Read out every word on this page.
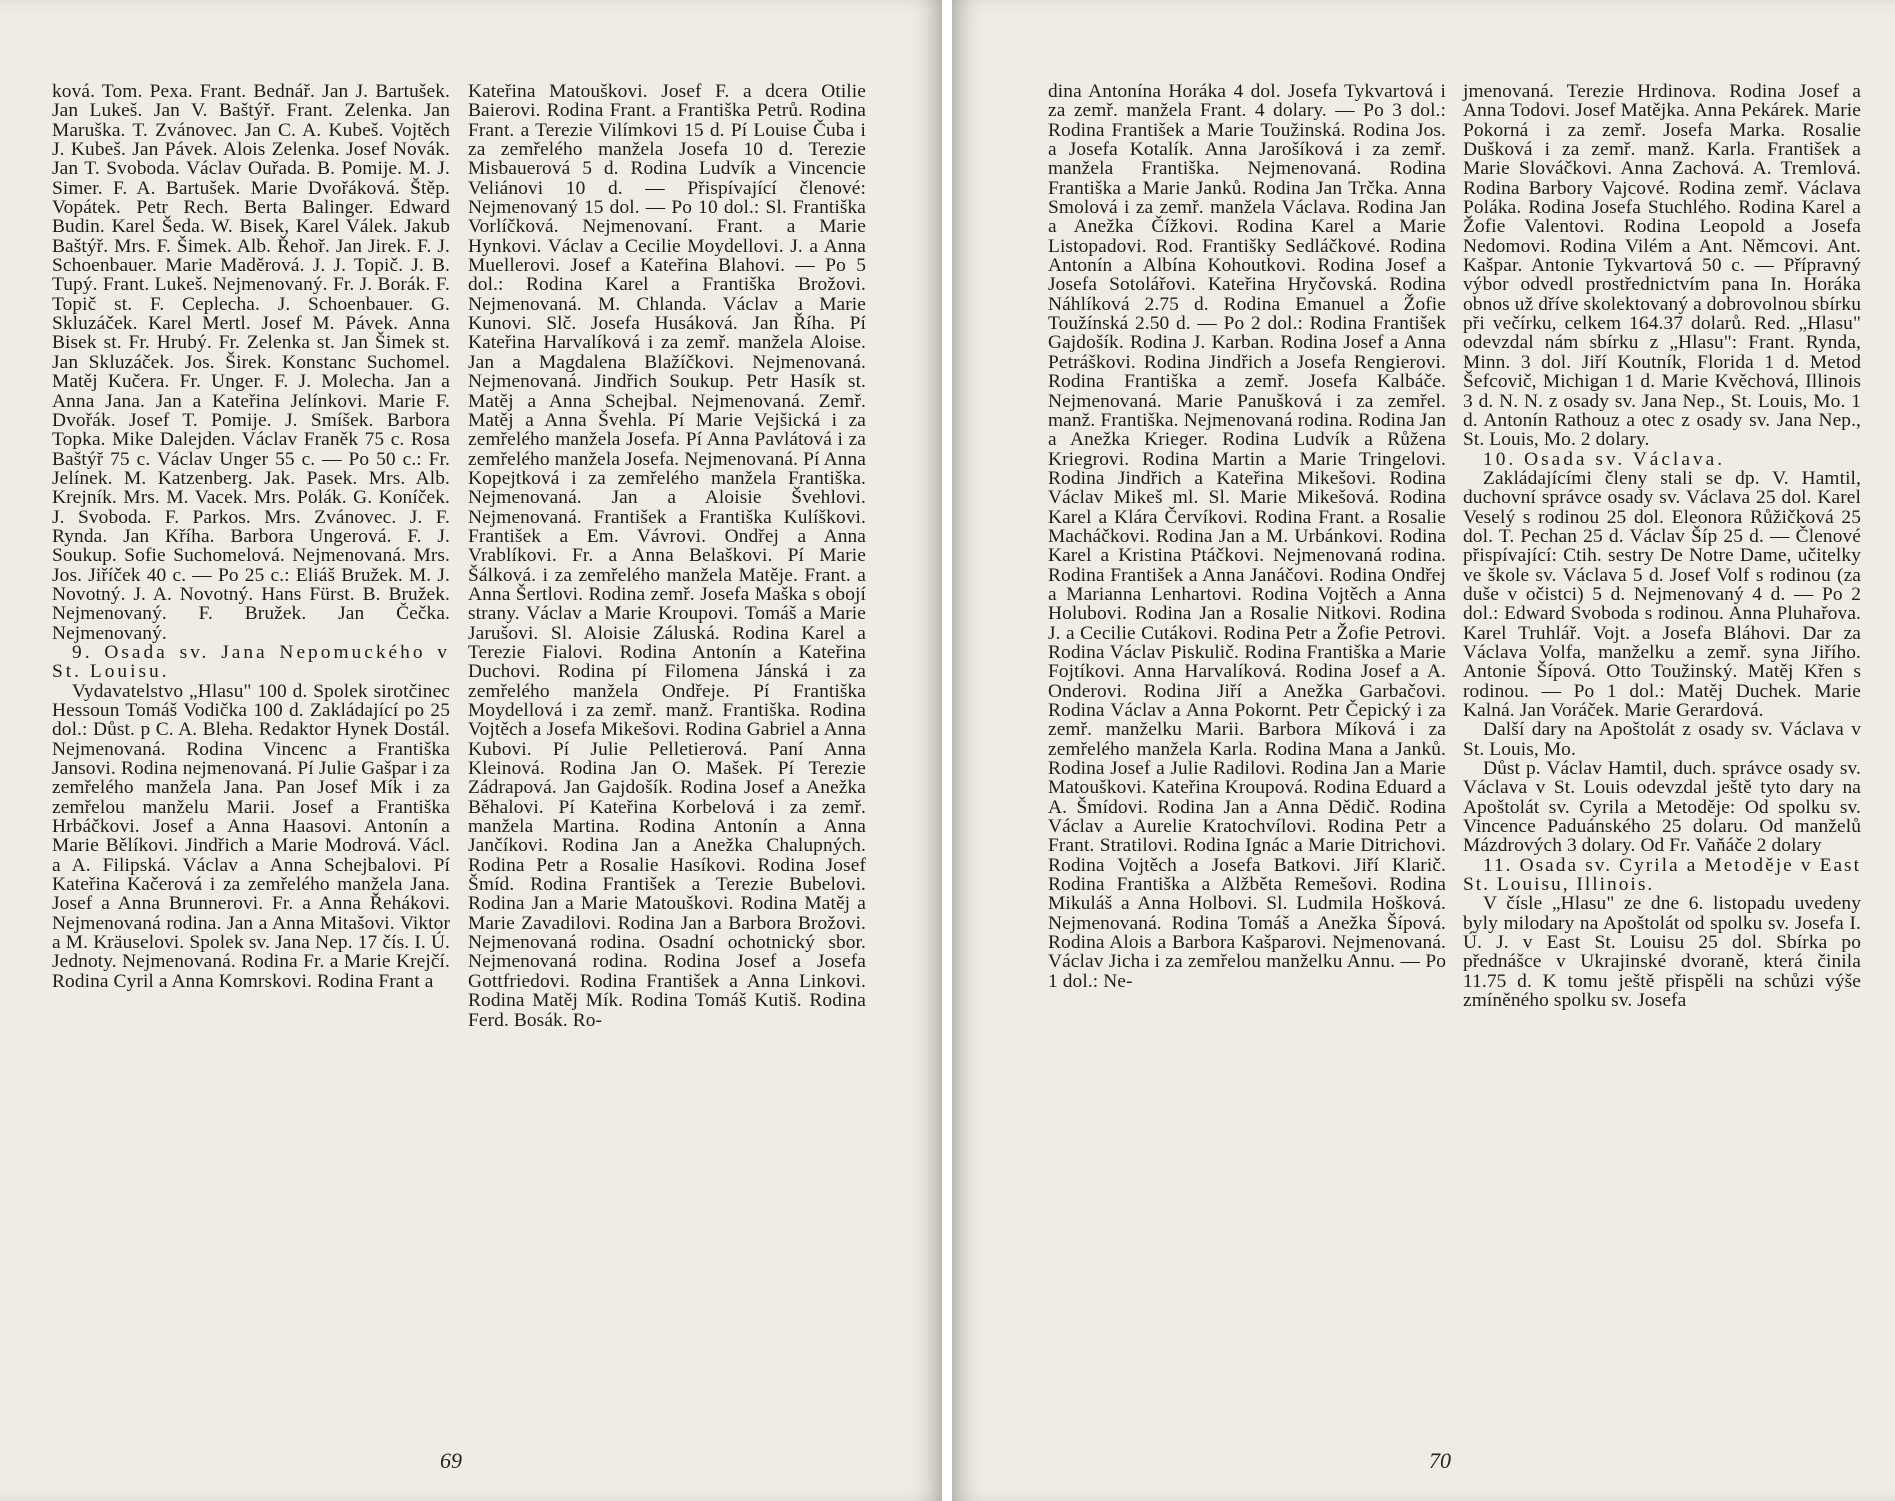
ková. Tom. Pexa. Frant. Bednář. Jan J. Bartušek. Jan Lukeš. Jan V. Baštýř. Frant. Zelenka. Jan Maruška. T. Zvánovec. Jan C. A. Kubeš. Vojtěch J. Kubeš. Jan Pávek. Alois Zelenka. Josef Novák. Jan T. Svoboda. Václav Ouřada. B. Pomije. M. J. Simer. F. A. Bartušek. Marie Dvořáková. Štěp. Vopátek. Petr Rech. Berta Balinger. Edward Budin. Karel Šeda. W. Bisek, Karel Válek. Jakub Baštýř. Mrs. F. Šimek. Alb. Řehoř. Jan Jirek. F. J. Schoenbauer. Marie Maděrová. J. J. Topič. J. B. Tupý. Frant. Lukeš. Nejmenovaný. Fr. J. Borák. F. Topič st. F. Ceplecha. J. Schoenbauer. G. Skluzáček. Karel Mertl. Josef M. Pávek. Anna Bisek st. Fr. Hrubý. Fr. Zelenka st. Jan Šimek st. Jan Skluzáček. Jos. Širek. Konstanc Suchomel. Matěj Kučera. Fr. Unger. F. J. Molecha. Jan a Anna Jana. Jan a Kateřina Jelínkovi. Marie F. Dvořák. Josef T. Pomije. J. Smíšek. Barbora Topka. Mike Dalejden. Václav Franěk 75 c. Rosa Baštýř 75 c. Václav Unger 55 c. — Po 50 c.: Fr. Jelínek. M. Katzenberg. Jak. Pasek. Mrs. Alb. Krejník. Mrs. M. Vacek. Mrs. Polák. G. Koníček. J. Svoboda. F. Parkos. Mrs. Zvánovec. J. F. Rynda. Jan Kříha. Barbora Ungerová. F. J. Soukup. Sofie Suchomelová. Nejmenovaná. Mrs. Jos. Jiříček 40 c. — Po 25 c.: Eliáš Bružek. M. J. Novotný. J. A. Novotný. Hans Fürst. B. Bružek. Nejmenovaný. F. Bružek. Jan Čečka. Nejmenovaný.

9. Osada sv. Jana Nepomuckého v St. Louisu.

Vydavatelstvo „Hlasu" 100 d. Spolek sirotčinec Hessoun Tomáš Vodička 100 d. Zakládající po 25 dol.: Důst. p C. A. Bleha. Redaktor Hynek Dostál. Nejmenovaná. Rodina Vincenc a Františka Jansovi. Rodina nejmenovaná. Pí Julie Gašpar i za zemřelého manžela Jana. Pan Josef Mík i za zemřelou manželu Marii. Josef a Františka Hrbáčkovi. Josef a Anna Haasovi. Antonín a Marie Bělíkovi. Jindřich a Marie Modrová. Václ. a A. Filipská. Václav a Anna Schejbalovi. Pí Kateřina Kačerová i za zemřelého manžela Jana. Josef a Anna Brunnerovi. Fr. a Anna Řehákovi. Nejmenovaná rodina. Jan a Anna Mitašovi. Viktor a M. Kräuselovi. Spolek sv. Jana Nep. 17 čís. I. Ú. Jednoty. Nejmenovaná. Rodina Fr. a Marie Krejčí. Rodina Cyril a Anna Komrskovi. Rodina Frant a

Kateřina Matouškovi. Josef F. a dcera Otilie Baierovi. Rodina Frant. a Františka Petrů. Rodina Frant. a Terezie Vilímkovi 15 d. Pí Louise Čuba i za zemřelého manžela Josefa 10 d. Terezie Misbauerová 5 d. Rodina Ludvík a Vincencie Veliánovi 10 d. — Přispívající členové: Nejmenovaný 15 dol. — Po 10 dol.: Sl. Františka Vorlíčková. Nejmenovaní. Frant. a Marie Hynkovi. Václav a Cecilie Moydellovi. J. a Anna Muellerovi. Josef a Kateřina Blahovi. — Po 5 dol.: Rodina Karel a Františka Brožovi. Nejmenovaná. M. Chlanda. Václav a Marie Kunovi. Slč. Josefa Husáková. Jan Říha. Pí Kateřina Harvalíková i za zemř. manžela Aloise. Jan a Magdalena Blažíčkovi. Nejmenovaná. Nejmenovaná. Jindřich Soukup. Petr Hasík st. Matěj a Anna Schejbal. Nejmenovaná. Zemř. Matěj a Anna Švehla. Pí Marie Vejšická i za zemřelého manžela Josefa. Pí Anna Pavlátová i za zemřelého manžela Josefa. Nejmenovaná. Pí Anna Kopejtková i za zemřelého manžela Františka. Nejmenovaná. Jan a Aloisie Švehlovi. Nejmenovaná. František a Františka Kulíškovi. František a Em. Vávrovi. Ondřej a Anna Vrablíkovi. Fr. a Anna Belaškovi. Pí Marie Šálková. i za zemřelého manžela Matěje. Frant. a Anna Šertlovi. Rodina zemř. Josefa Maška s obojí strany. Václav a Marie Kroupovi. Tomáš a Marie Jarušovi. Sl. Aloisie Záluská. Rodina Karel a Terezie Fialovi. Rodina Antonín a Kateřina Duchovi. Rodina pí Filomena Jánská i za zemřelého manžela Ondřeje. Pí Františka Moydellová i za zemř. manž. Františka. Rodina Vojtěch a Josefa Mikešovi. Rodina Gabriel a Anna Kubovi. Pí Julie Pelletierová. Paní Anna Kleinová. Rodina Jan O. Mašek. Pí Terezie Zádrapová. Jan Gajdošík. Rodina Josef a Anežka Běhalovi. Pí Kateřina Korbelová i za zemř. manžela Martina. Rodina Antonín a Anna Jančíkovi. Rodina Jan a Anežka Chalupných. Rodina Petr a Rosalie Hasíkovi. Rodina Josef Šmíd. Rodina František a Terezie Bubelovi. Rodina Jan a Marie Matouškovi. Rodina Matěj a Marie Zavadilovi. Rodina Jan a Barbora Brožovi. Nejmenovaná rodina. Osadní ochotnický sbor. Nejmenovaná rodina. Rodina Josef a Josefa Gottfriedovi. Rodina František a Anna Linkovi. Rodina Matěj Mík. Rodina Tomáš Kutiš. Rodina Ferd. Bosák. Ro-

69

dina Antonína Horáka 4 dol. Josefa Tykvartová i za zemř. manžela Frant. 4 dolary. — Po 3 dol.: Rodina František a Marie Toužinská. Rodina Jos. a Josefa Kotalík. Anna Jarošíková i za zemř. manžela Františka. Nejmenovaná. Rodina Františka a Marie Janků. Rodina Jan Trčka. Anna Smolová i za zemř. manžela Václava. Rodina Jan a Anežka Čížkovi. Rodina Karel a Marie Listopadovi. Rod. Františky Sedláčkové. Rodina Antonín a Albína Kohoutkovi. Rodina Josef a Josefa Sotolářovi. Kateřina Hryčovská. Rodina Náhlíková 2.75 d. Rodina Emanuel a Žofie Toužínská 2.50 d. — Po 2 dol.: Rodina František Gajdošík. Rodina J. Karban. Rodina Josef a Anna Petráškovi. Rodina Jindřich a Josefa Rengierovi. Rodina Františka a zemř. Josefa Kalbáče. Nejmenovaná. Marie Panušková i za zemřel. manž. Františka. Nejmenovaná rodina. Rodina Jan a Anežka Krieger. Rodina Ludvík a Růžena Kriegrovi. Rodina Martin a Marie Tringelovi. Rodina Jindřich a Kateřina Mikešovi. Rodina Václav Mikeš ml. Sl. Marie Mikešová. Rodina Karel a Klára Červíkovi. Rodina Frant. a Rosalie Macháčkovi. Rodina Jan a M. Urbánkovi. Rodina Karel a Kristina Ptáčkovi. Nejmenovaná rodina. Rodina František a Anna Janáčovi. Rodina Ondřej a Marianna Lenhartovi. Rodina Vojtěch a Anna Holubovi. Rodina Jan a Rosalie Nitkovi. Rodina J. a Cecilie Cutákovi. Rodina Petr a Žofie Petrovi. Rodina Václav Piskulič. Rodina Františka a Marie Fojtíkovi. Anna Harvalíková. Rodina Josef a A. Onderovi. Rodina Jiří a Anežka Garbačovi. Rodina Václav a Anna Pokornt. Petr Čepický i za zemř. manželku Marii. Barbora Míková i za zemřelého manžela Karla. Rodina Mana a Janků. Rodina Josef a Julie Radilovi. Rodina Jan a Marie Matouškovi. Kateřina Kroupová. Rodina Eduard a A. Šmídovi. Rodina Jan a Anna Dědič. Rodina Václav a Aurelie Kratochvílovi. Rodina Petr a Frant. Stratilovi. Rodina Ignác a Marie Ditrichovi. Rodina Vojtěch a Josefa Batkovi. Jiří Klarič. Rodina Františka a Alžběta Remešovi. Rodina Mikuláš a Anna Holbovi. Sl. Ludmila Hošková. Nejmenovaná. Rodina Tomáš a Anežka Šípová. Rodina Alois a Barbora Kašparovi. Nejmenovaná. Václav Jicha i za zemřelou manželku Annu. — Po 1 dol.: Ne-

jmenovaná. Terezie Hrdinova. Rodina Josef a Anna Todovi. Josef Matějka. Anna Pekárek. Marie Pokorná i za zemř. Josefa Marka. Rosalie Dušková i za zemř. manž. Karla. František a Marie Slováčkovi. Anna Zachová. A. Tremlová. Rodina Barbory Vajcové. Rodina zemř. Václava Poláka. Rodina Josefa Stuchlého. Rodina Karel a Žofie Valentovi. Rodina Leopold a Josefa Nedomovi. Rodina Vilém a Ant. Němcovi. Ant. Kašpar. Antonie Tykvartová 50 c. — Přípravný výbor odvedl prostřednictvím pana In. Horáka obnos už dříve skolektovaný a dobrovolnou sbírku při večírku, celkem 164.37 dolarů. Red. „Hlasu" odevzdal nám sbírku z „Hlasu": Frant. Rynda, Minn. 3 dol. Jiří Koutník, Florida 1 d. Metod Šefcovič, Michigan 1 d. Marie Kvěchová, Illinois 3 d. N. N. z osady sv. Jana Nep., St. Louis, Mo. 1 d. Antonín Rathouz a otec z osady sv. Jana Nep., St. Louis, Mo. 2 dolary.

10. Osada sv. Václava.

Zakládajícími členy stali se dp. V. Hamtil, duchovní správce osady sv. Václava 25 dol. Karel Veselý s rodinou 25 dol. Eleonora Růžičková 25 dol. T. Pechan 25 d. Václav Šíp 25 d. — Členové přispívající: Ctih. sestry De Notre Dame, učitelky ve škole sv. Václava 5 d. Josef Volf s rodinou (za duše v očistci) 5 d. Nejmenovaný 4 d. — Po 2 dol.: Edward Svoboda s rodinou. Anna Pluhařova. Karel Truhlář. Vojt. a Josefa Bláhovi. Dar za Václava Volfa, manželku a zemř. syna Jiřího. Antonie Šípová. Otto Toužinský. Matěj Křen s rodinou. — Po 1 dol.: Matěj Duchek. Marie Kalná. Jan Voráček. Marie Gerardová.

Další dary na Apoštolát z osady sv. Václava v St. Louis, Mo.

Důst p. Václav Hamtil, duch. správce osady sv. Václava v St. Louis odevzdal ještě tyto dary na Apoštolát sv. Cyrila a Metoděje: Od spolku sv. Vincence Paduánského 25 dolaru. Od manželů Mázdrových 3 dolary. Od Fr. Vaňáče 2 dolary

11. Osada sv. Cyrila a Metoděje v East St. Louisu, Illinois.

V čísle „Hlasu" ze dne 6. listopadu uvedeny byly milodary na Apoštolát od spolku sv. Josefa I. Ú. J. v East St. Louisu 25 dol. Sbírka po přednášce v Ukrajinské dvoraně, která činila 11.75 d. K tomu ještě přispěli na schůzi výše zmíněného spolku sv. Josefa

70
